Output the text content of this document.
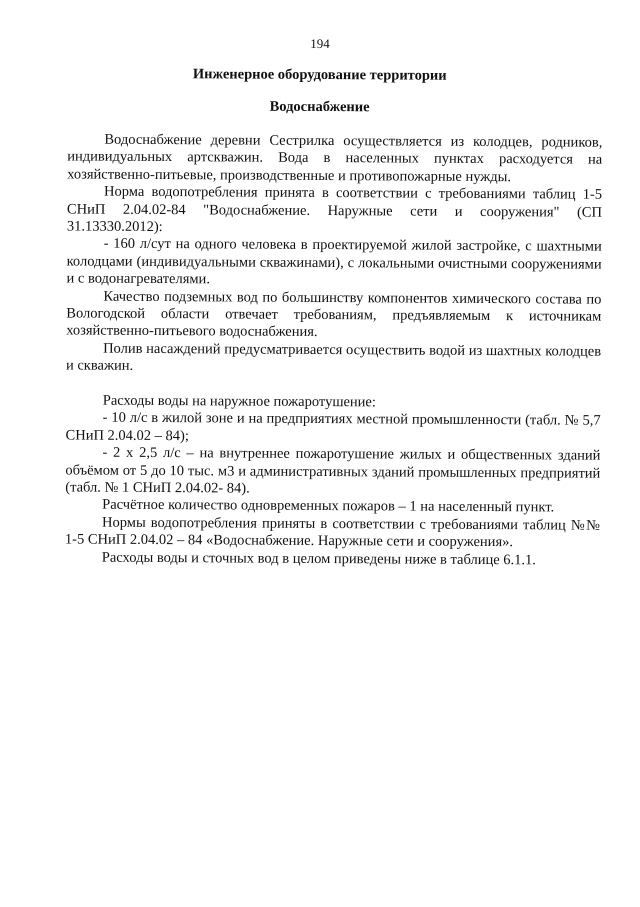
194
Инженерное оборудование территории
Водоснабжение

Водоснабжение деревни Сестрилка осуществляется из колодцев, родников, индивидуальных артскважин. Вода в населенных пунктах расходуется на хозяйственно-питьевые, производственные и противопожарные нужды.

Норма водопотребления принята в соответствии с требованиями таблиц 1-5 СНиП 2.04.02-84 "Водоснабжение. Наружные сети и сооружения" (СП 31.13330.2012):

- 160 л/сут на одного человека в проектируемой жилой застройке, с шахтными колодцами (индивидуальными скважинами), с локальными очистными сооружениями и с водонагревателями.

Качество подземных вод по большинству компонентов химического состава по Вологодской области отвечает требованиям, предъявляемым к источникам хозяйственно-питьевого водоснабжения.

Полив насаждений предусматривается осуществить водой из шахтных колодцев и скважин.

Расходы воды на наружное пожаротушение:

- 10 л/с в жилой зоне и на предприятиях местной промышленности (табл. № 5,7 СНиП 2.04.02 – 84);

- 2 х 2,5 л/с – на внутреннее пожаротушение жилых и общественных зданий объёмом от 5 до 10 тыс. м3 и административных зданий промышленных предприятий (табл. № 1 СНиП 2.04.02- 84).

Расчётное количество одновременных пожаров – 1 на населенный пункт.

Нормы водопотребления приняты в соответствии с требованиями таблиц №№ 1-5 СНиП 2.04.02 – 84 «Водоснабжение. Наружные сети и сооружения».

Расходы воды и сточных вод в целом приведены ниже в таблице 6.1.1.
